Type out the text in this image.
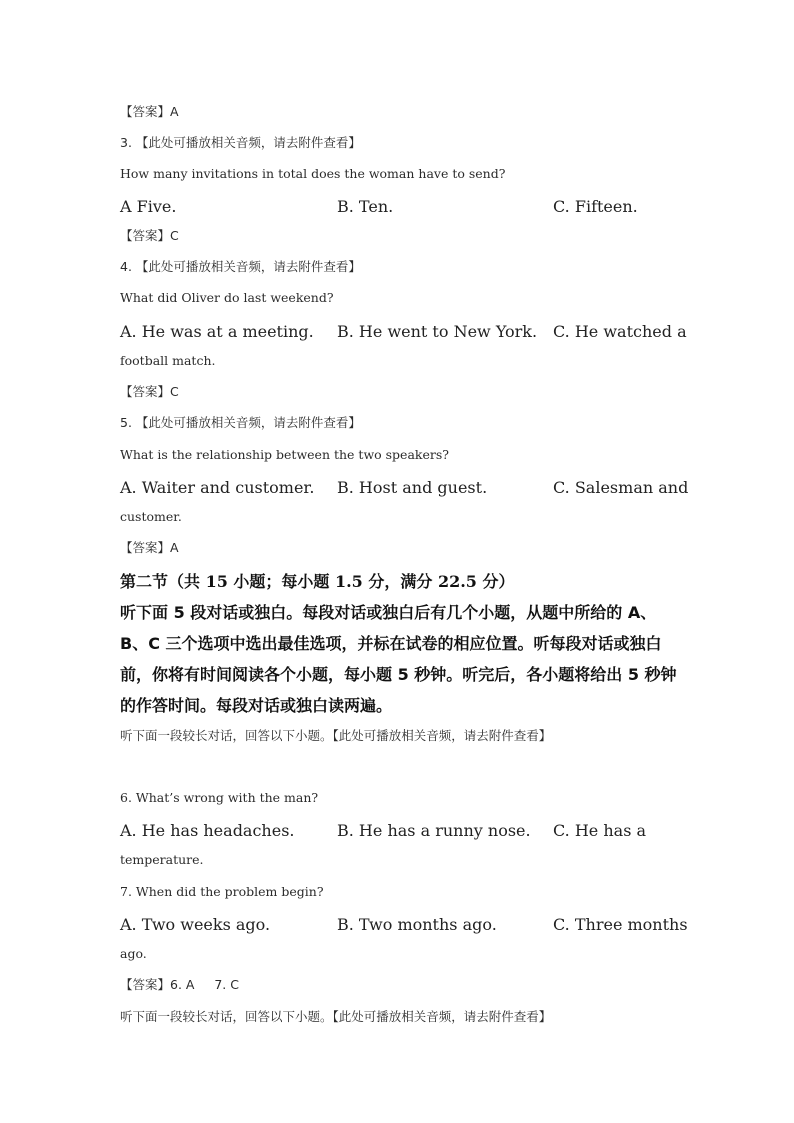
【答案】A
3. 【此处可播放相关音频，请去附件查看】
How many invitations in total does the woman have to send?
A Five.	B. Ten.	C. Fifteen.
【答案】C
4. 【此处可播放相关音频，请去附件查看】
What did Oliver do last weekend?
A. He was at a meeting. B. He went to New York. C. He watched a
football match.
【答案】C
5. 【此处可播放相关音频，请去附件查看】
What is the relationship between the two speakers?
A. Waiter and customer. B. Host and guest.	C. Salesman and
customer.
【答案】A
第二节（共 15 小题；每小题 1.5 分，满分 22.5 分）
听下面 5 段对话或独白。每段对话或独白后有几个小题，从题中所给的 A、B、C 三个选项中选出最佳选项，并标在试卷的相应位置。听每段对话或独白前，你将有时间阅读各个小题，每小题 5 秒钟。听完后，各小题将给出 5 秒钟的作答时间。每段对话或独白读两遍。
听下面一段较长对话，回答以下小题。【此处可播放相关音频，请去附件查看】
6. What’s wrong with the man?
A. He has headaches.	B. He has a runny nose. C. He has a
temperature.
7. When did the problem begin?
A. Two weeks ago.	B. Two months ago.	C. Three months
ago.
【答案】6. A     7. C
听下面一段较长对话，回答以下小题。【此处可播放相关音频，请去附件查看】
